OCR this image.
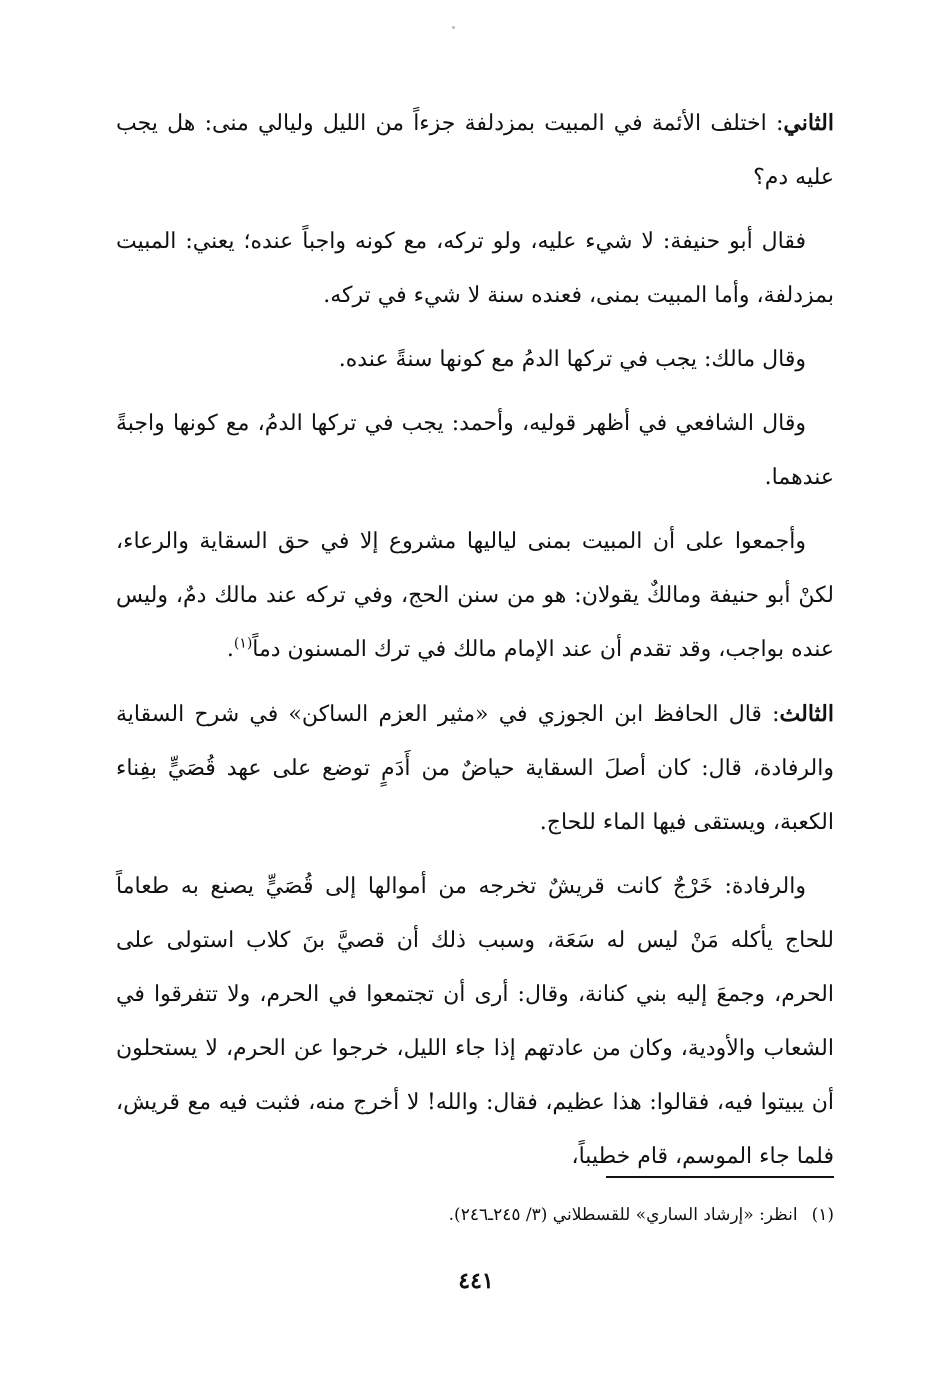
الثاني: اختلف الأئمة في المبيت بمزدلفة جزءاً من الليل وليالي منى: هل يجب عليه دم؟

فقال أبو حنيفة: لا شيء عليه، ولو تركه، مع كونه واجباً عنده؛ يعني: المبيت بمزدلفة، وأما المبيت بمنى، فعنده سنة لا شيء في تركه.

وقال مالك: يجب في تركها الدمُ مع كونها سنةً عنده.

وقال الشافعي في أظهر قوليه، وأحمد: يجب في تركها الدمُ، مع كونها واجبةً عندهما.

وأجمعوا على أن المبيت بمنى لياليها مشروع إلا في حق السقاية والرعاء، لكنْ أبو حنيفة ومالكٌ يقولان: هو من سنن الحج، وفي تركه عند مالك دمٌ، وليس عنده بواجب، وقد تقدم أن عند الإمام مالك في ترك المسنون دماً$^{(١)}$.

الثالث: قال الحافظ ابن الجوزي في «مثير العزم الساكن» في شرح السقاية والرفادة، قال: كان أصلَ السقاية حياضٌ من أَدَمٍ توضع على عهد قُصَيٍّ بفِناء الكعبة، ويستقى فيها الماء للحاج.

والرفادة: خَرْجٌ كانت قريشٌ تخرجه من أموالها إلى قُصَيٍّ يصنع به طعاماً للحاج يأكله مَنْ ليس له سَعَة، وسبب ذلك أن قصيَّ بنَ كلاب استولى على الحرم، وجمعَ إليه بني كنانة، وقال: أرى أن تجتمعوا في الحرم، ولا تتفرقوا في الشعاب والأودية، وكان من عادتهم إذا جاء الليل، خرجوا عن الحرم، لا يستحلون أن يبيتوا فيه، فقالوا: هذا عظيم، فقال: والله! لا أخرج منه، فثبت فيه مع قريش، فلما جاء الموسم، قام خطيباً،

(١)انظر: «إرشاد الساري» للقسطلاني (٣/ ٢٤٥ـ٢٤٦).
٤٤١
